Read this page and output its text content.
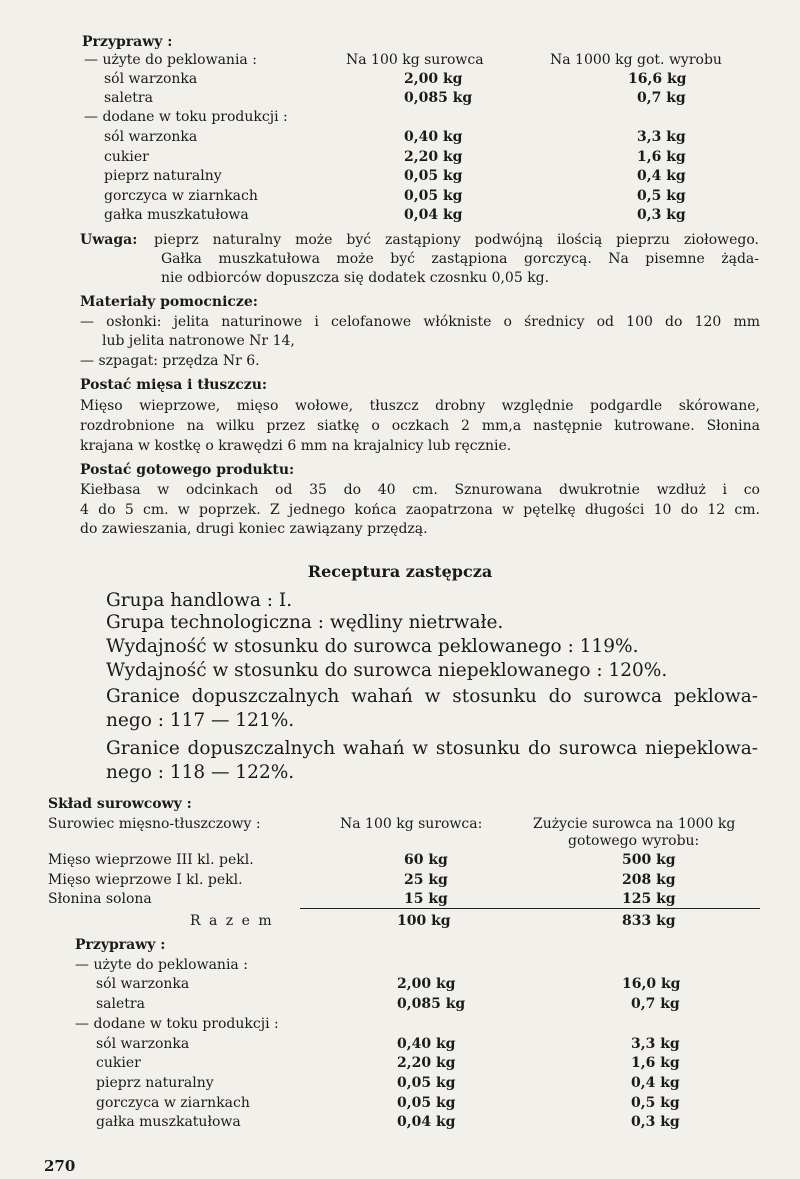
Przyprawy :
— użyte do peklowania :	Na 100 kg surowca	Na 1000 kg got. wyrobu
sól warzonka	2,00 kg	16,6 kg
saletra	0,085 kg	0,7 kg
— dodane w toku produkcji :
sól warzonka	0,40 kg	3,3 kg
cukier	2,20 kg	1,6 kg
pieprz naturalny	0,05 kg	0,4 kg
gorczyca w ziarnkach	0,05 kg	0,5 kg
gałka muszkatułowa	0,04 kg	0,3 kg
Uwaga: pieprz naturalny może być zastąpiony podwójną ilością pieprzu ziołowego.
Gałka muszkatułowa może być zastąpiona gorczycą. Na pisemne żąda-
nie odbiorców dopuszcza się dodatek czosnku 0,05 kg.
Materiały pomocnicze:
— osłonki: jelita naturinowe i celofanowe włókniste o średnicy od 100 do 120 mm
lub jelita natronowe Nr 14,
— szpagat: przędza Nr 6.
Postać mięsa i tłuszczu:
Mięso wieprzowe, mięso wołowe, tłuszcz drobny względnie podgardle skórowane,
rozdrobnione na wilku przez siatkę o oczkach 2 mm,a następnie kutrowane. Słonina
krajana w kostkę o krawędzi 6 mm na krajalnicy lub ręcznie.
Postać gotowego produktu:
Kiełbasa w odcinkach od 35 do 40 cm. Sznurowana dwukrotnie wzdłuż i co
4 do 5 cm. w poprzek. Z jednego końca zaopatrzona w pętelkę długości 10 do 12 cm.
do zawieszania, drugi koniec zawiązany przędzą.
Receptura zastępcza
Grupa handlowa : I.
Grupa technologiczna : wędliny nietrwałe.
Wydajność w stosunku do surowca peklowanego : 119%.
Wydajność w stosunku do surowca niepeklowanego : 120%.
Granice dopuszczalnych wahań w stosunku do surowca peklowa-
nego : 117 — 121%.
Granice dopuszczalnych wahań w stosunku do surowca niepeklowa-
nego : 118 — 122%.
Skład surowcowy :
Surowiec mięsno-tłuszczowy :	Na 100 kg surowca:	Zużycie surowca na 1000 kg
gotowego wyrobu:
Mięso wieprzowe III kl. pekl.	60 kg	500 kg
Mięso wieprzowe I kl. pekl.	25 kg	208 kg
Słonina solona	15 kg	125 kg
R a z e m	100 kg	833 kg
Przyprawy :
— użyte do peklowania :
sól warzonka	2,00 kg	16,0 kg
saletra	0,085 kg	0,7 kg
— dodane w toku produkcji :
sól warzonka	0,40 kg	3,3 kg
cukier	2,20 kg	1,6 kg
pieprz naturalny	0,05 kg	0,4 kg
gorczyca w ziarnkach	0,05 kg	0,5 kg
gałka muszkatułowa	0,04 kg	0,3 kg
270
